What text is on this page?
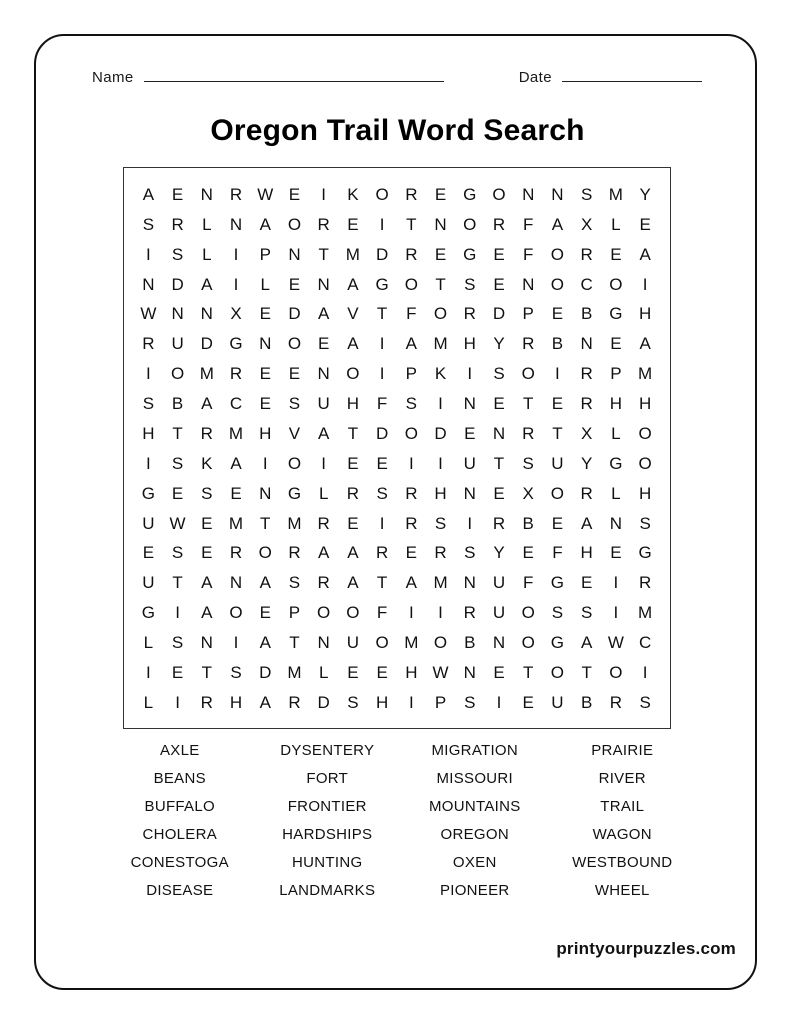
Name	Date
Oregon Trail Word Search
A	E	N	R	W	E	I	K	O	R	E	G	O	N	N	S	M	Y
S	R	L	N	A	O	R	E	I	T	N	O	R	F	A	X	L	E
I	S	L	I	P	N	T	M	D	R	E	G	E	F	O	R	E	A
N	D	A	I	L	E	N	A	G	O	T	S	E	N	O	C	O	I
W	N	N	X	E	D	A	V	T	F	O	R	D	P	E	B	G	H
R	U	D	G	N	O	E	A	I	A	M	H	Y	R	B	N	E	A
I	O	M	R	E	E	N	O	I	P	K	I	S	O	I	R	P	M
S	B	A	C	E	S	U	H	F	S	I	N	E	T	E	R	H	H
H	T	R	M	H	V	A	T	D	O	D	E	N	R	T	X	L	O
I	S	K	A	I	O	I	E	E	I	I	U	T	S	U	Y	G	O
G	E	S	E	N	G	L	R	S	R	H	N	E	X	O	R	L	H
U	W	E	M	T	M	R	E	I	R	S	I	R	B	E	A	N	S
E	S	E	R	O	R	A	A	R	E	R	S	Y	E	F	H	E	G
U	T	A	N	A	S	R	A	T	A	M	N	U	F	G	E	I	R
G	I	A	O	E	P	O	O	F	I	I	R	U	O	S	S	I	M
L	S	N	I	A	T	N	U	O	M	O	B	N	O	G	A	W	C
I	E	T	S	D	M	L	E	E	H	W	N	E	T	O	T	O	I
L	I	R	H	A	R	D	S	H	I	P	S	I	E	U	B	R	S
AXLE	DYSENTERY	MIGRATION	PRAIRIE
BEANS	FORT	MISSOURI	RIVER
BUFFALO	FRONTIER	MOUNTAINS	TRAIL
CHOLERA	HARDSHIPS	OREGON	WAGON
CONESTOGA	HUNTING	OXEN	WESTBOUND
DISEASE	LANDMARKS	PIONEER	WHEEL
printyourpuzzles.com
